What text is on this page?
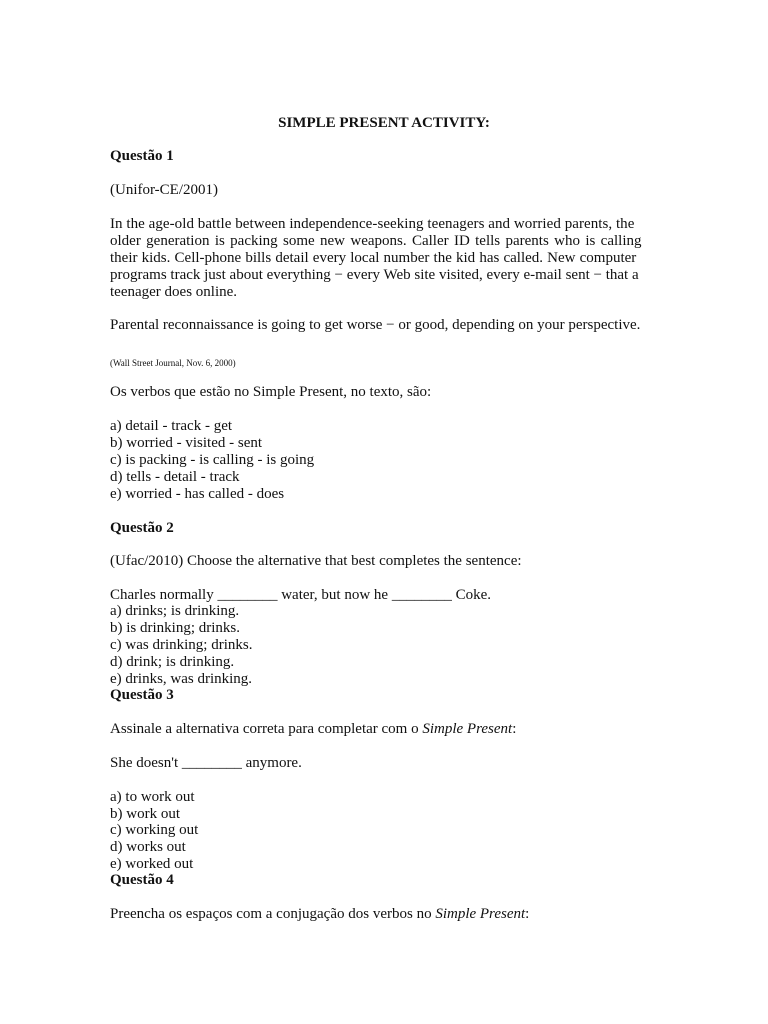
SIMPLE PRESENT ACTIVITY:
Questão 1
(Unifor-CE/2001)
In the age-old battle between independence-seeking teenagers and worried parents, the
older generation is packing some new weapons. Caller ID tells parents who is calling
their kids. Cell-phone bills detail every local number the kid has called. New computer
programs track just about everything − every Web site visited, every e-mail sent − that a
teenager does online.
Parental reconnaissance is going to get worse − or good, depending on your perspective.
(Wall Street Journal, Nov. 6, 2000)
Os verbos que estão no Simple Present, no texto, são:
a) detail - track - get
b) worried - visited - sent
c) is packing - is calling - is going
d) tells - detail - track
e) worried - has called - does
Questão 2
(Ufac/2010) Choose the alternative that best completes the sentence:
Charles normally ________ water, but now he ________ Coke.
a) drinks; is drinking.
b) is drinking; drinks.
c) was drinking; drinks.
d) drink; is drinking.
e) drinks, was drinking.
Questão 3
Assinale a alternativa correta para completar com o Simple Present:
She doesn't ________ anymore.
a) to work out
b) work out
c) working out
d) works out
e) worked out
Questão 4
Preencha os espaços com a conjugação dos verbos no Simple Present:
